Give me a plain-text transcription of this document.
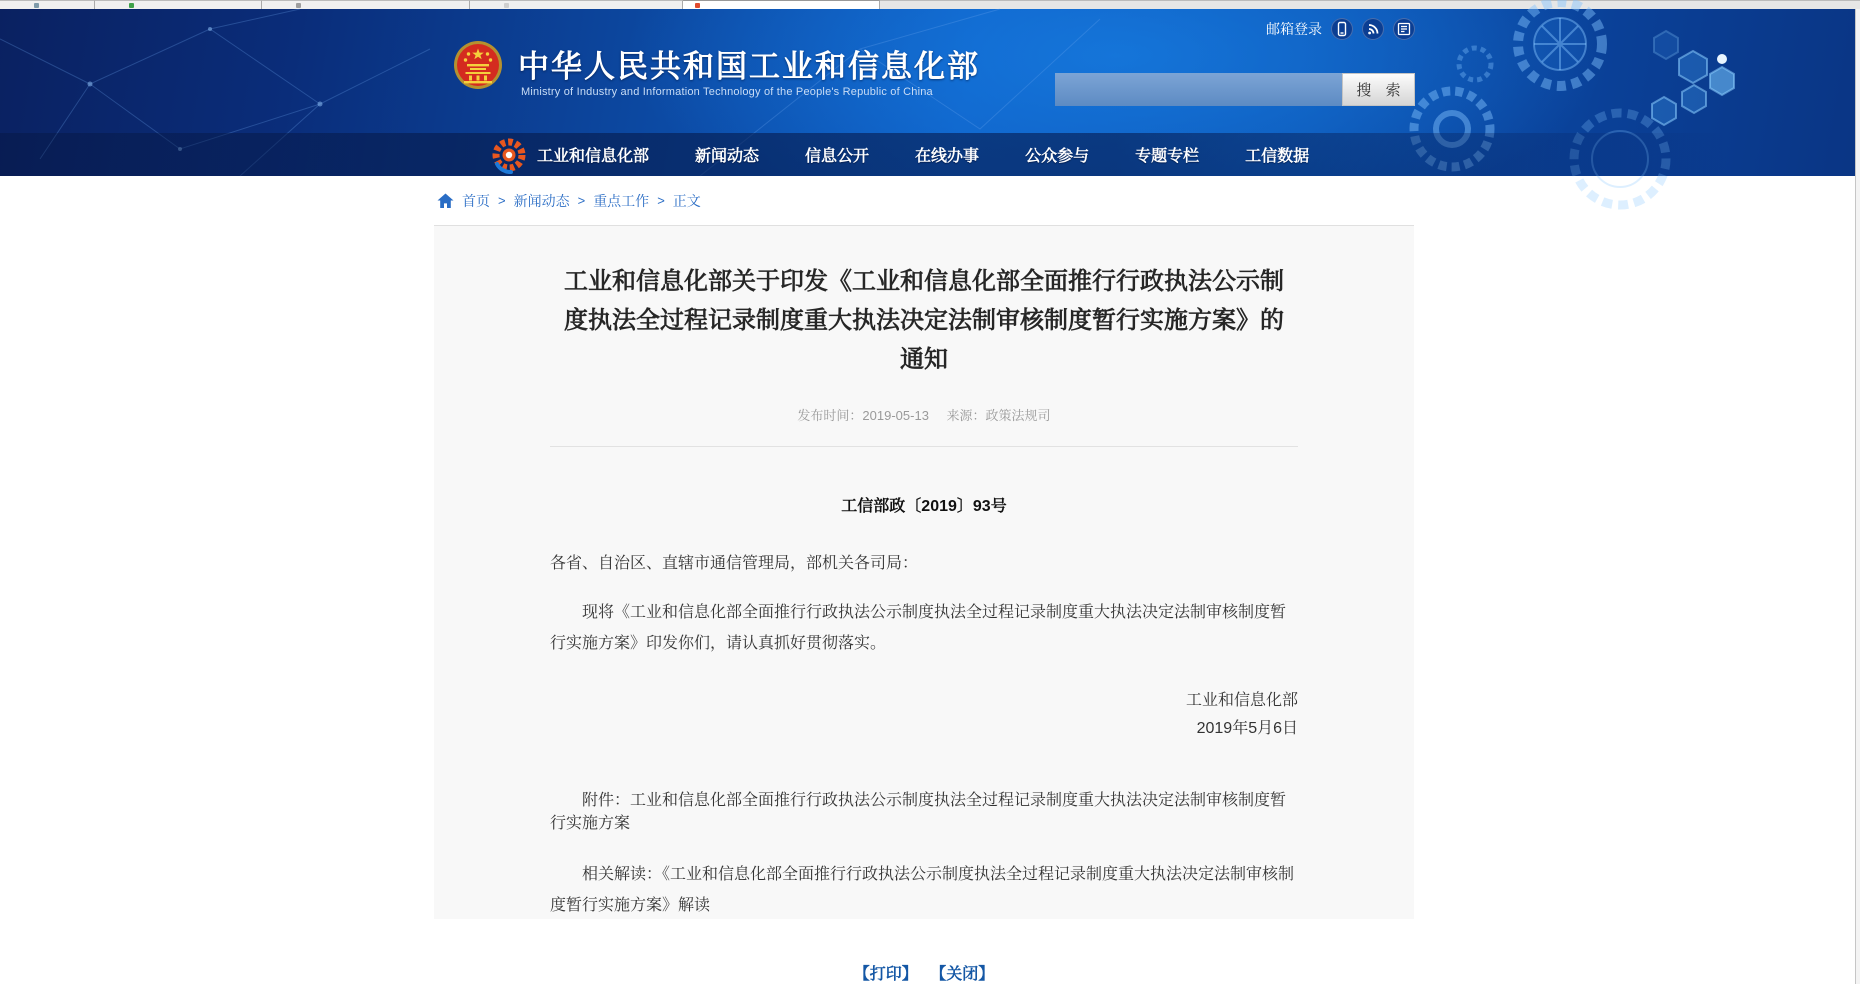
中华人民共和国工业和信息化部
Ministry of Industry and Information Technology of the People's Republic of China
邮箱登录
搜 索
工业和信息化部	新闻动态	信息公开	在线办事	公众参与	专题专栏	工信数据
首页 > 新闻动态 > 重点工作 > 正文
工业和信息化部关于印发《工业和信息化部全面推行行政执法公示制度执法全过程记录制度重大执法决定法制审核制度暂行实施方案》的通知
发布时间：2019-05-13 来源：政策法规司
工信部政〔2019〕93号

各省、自治区、直辖市通信管理局，部机关各司局：

现将《工业和信息化部全面推行行政执法公示制度执法全过程记录制度重大执法决定法制审核制度暂行实施方案》印发你们，请认真抓好贯彻落实。

工业和信息化部
2019年5月6日

附件：工业和信息化部全面推行行政执法公示制度执法全过程记录制度重大执法决定法制审核制度暂行实施方案

相关解读：《工业和信息化部全面推行行政执法公示制度执法全过程记录制度重大执法决定法制审核制度暂行实施方案》解读

【打印】 【关闭】
